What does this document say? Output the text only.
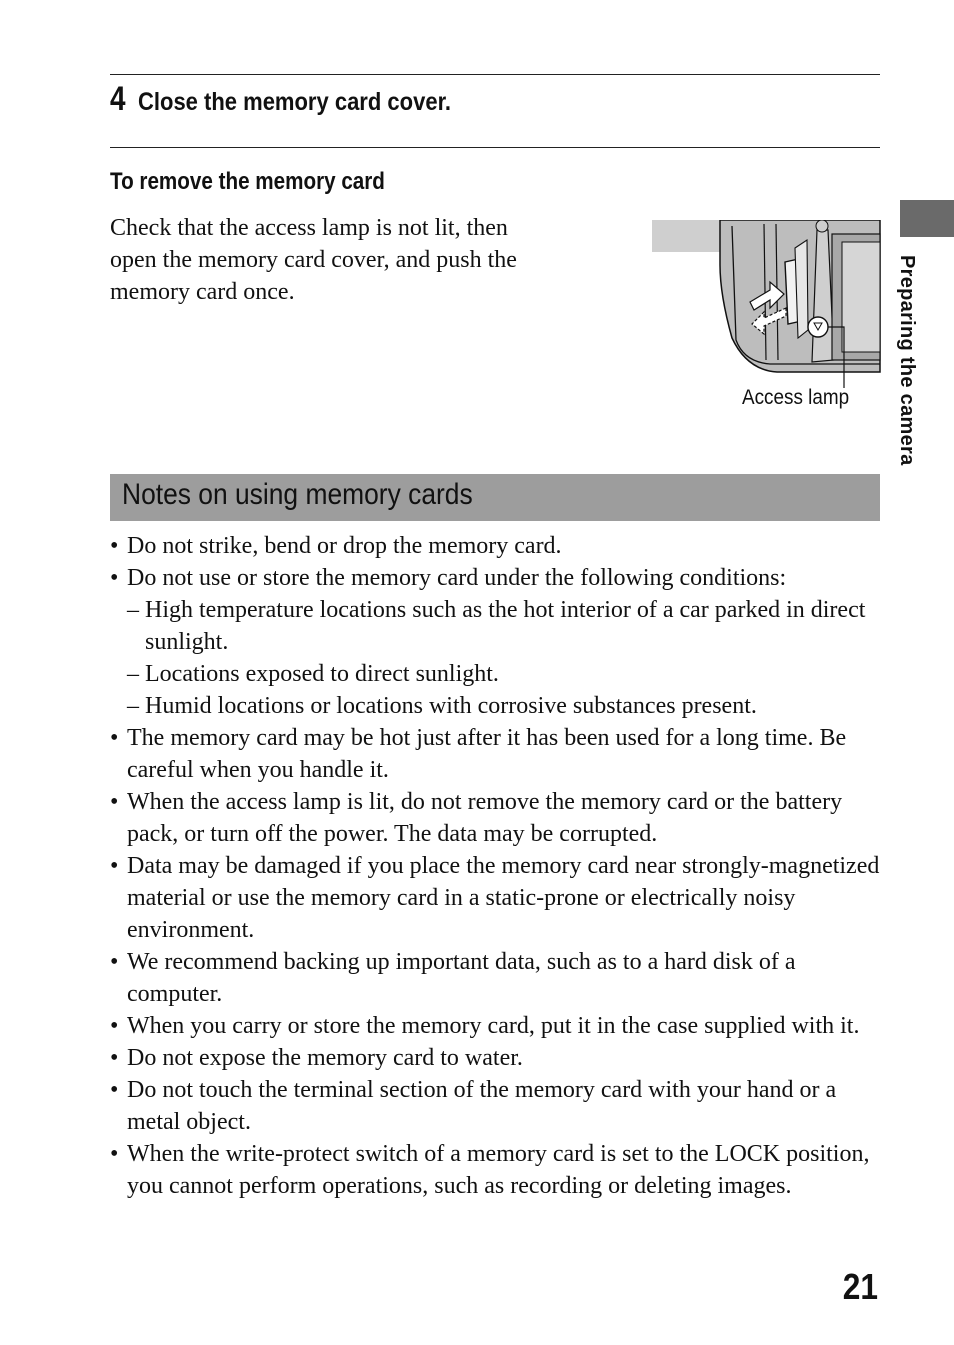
4 Close the memory card cover.
To remove the memory card
Check that the access lamp is not lit, then open the memory card cover, and push the memory card once.
Access lamp Preparing the camera
Notes on using memory cards
• Do not strike, bend or drop the memory card.
• Do not use or store the memory card under the following conditions:
– High temperature locations such as the hot interior of a car parked in direct sunlight.
– Locations exposed to direct sunlight.
– Humid locations or locations with corrosive substances present.
• The memory card may be hot just after it has been used for a long time. Be careful when you handle it.
• When the access lamp is lit, do not remove the memory card or the battery pack, or turn off the power. The data may be corrupted.
• Data may be damaged if you place the memory card near strongly-magnetized material or use the memory card in a static-prone or electrically noisy environment.
• We recommend backing up important data, such as to a hard disk of a computer.
• When you carry or store the memory card, put it in the case supplied with it.
• Do not expose the memory card to water.
• Do not touch the terminal section of the memory card with your hand or a metal object.
• When the write-protect switch of a memory card is set to the LOCK position, you cannot perform operations, such as recording or deleting images.
21
